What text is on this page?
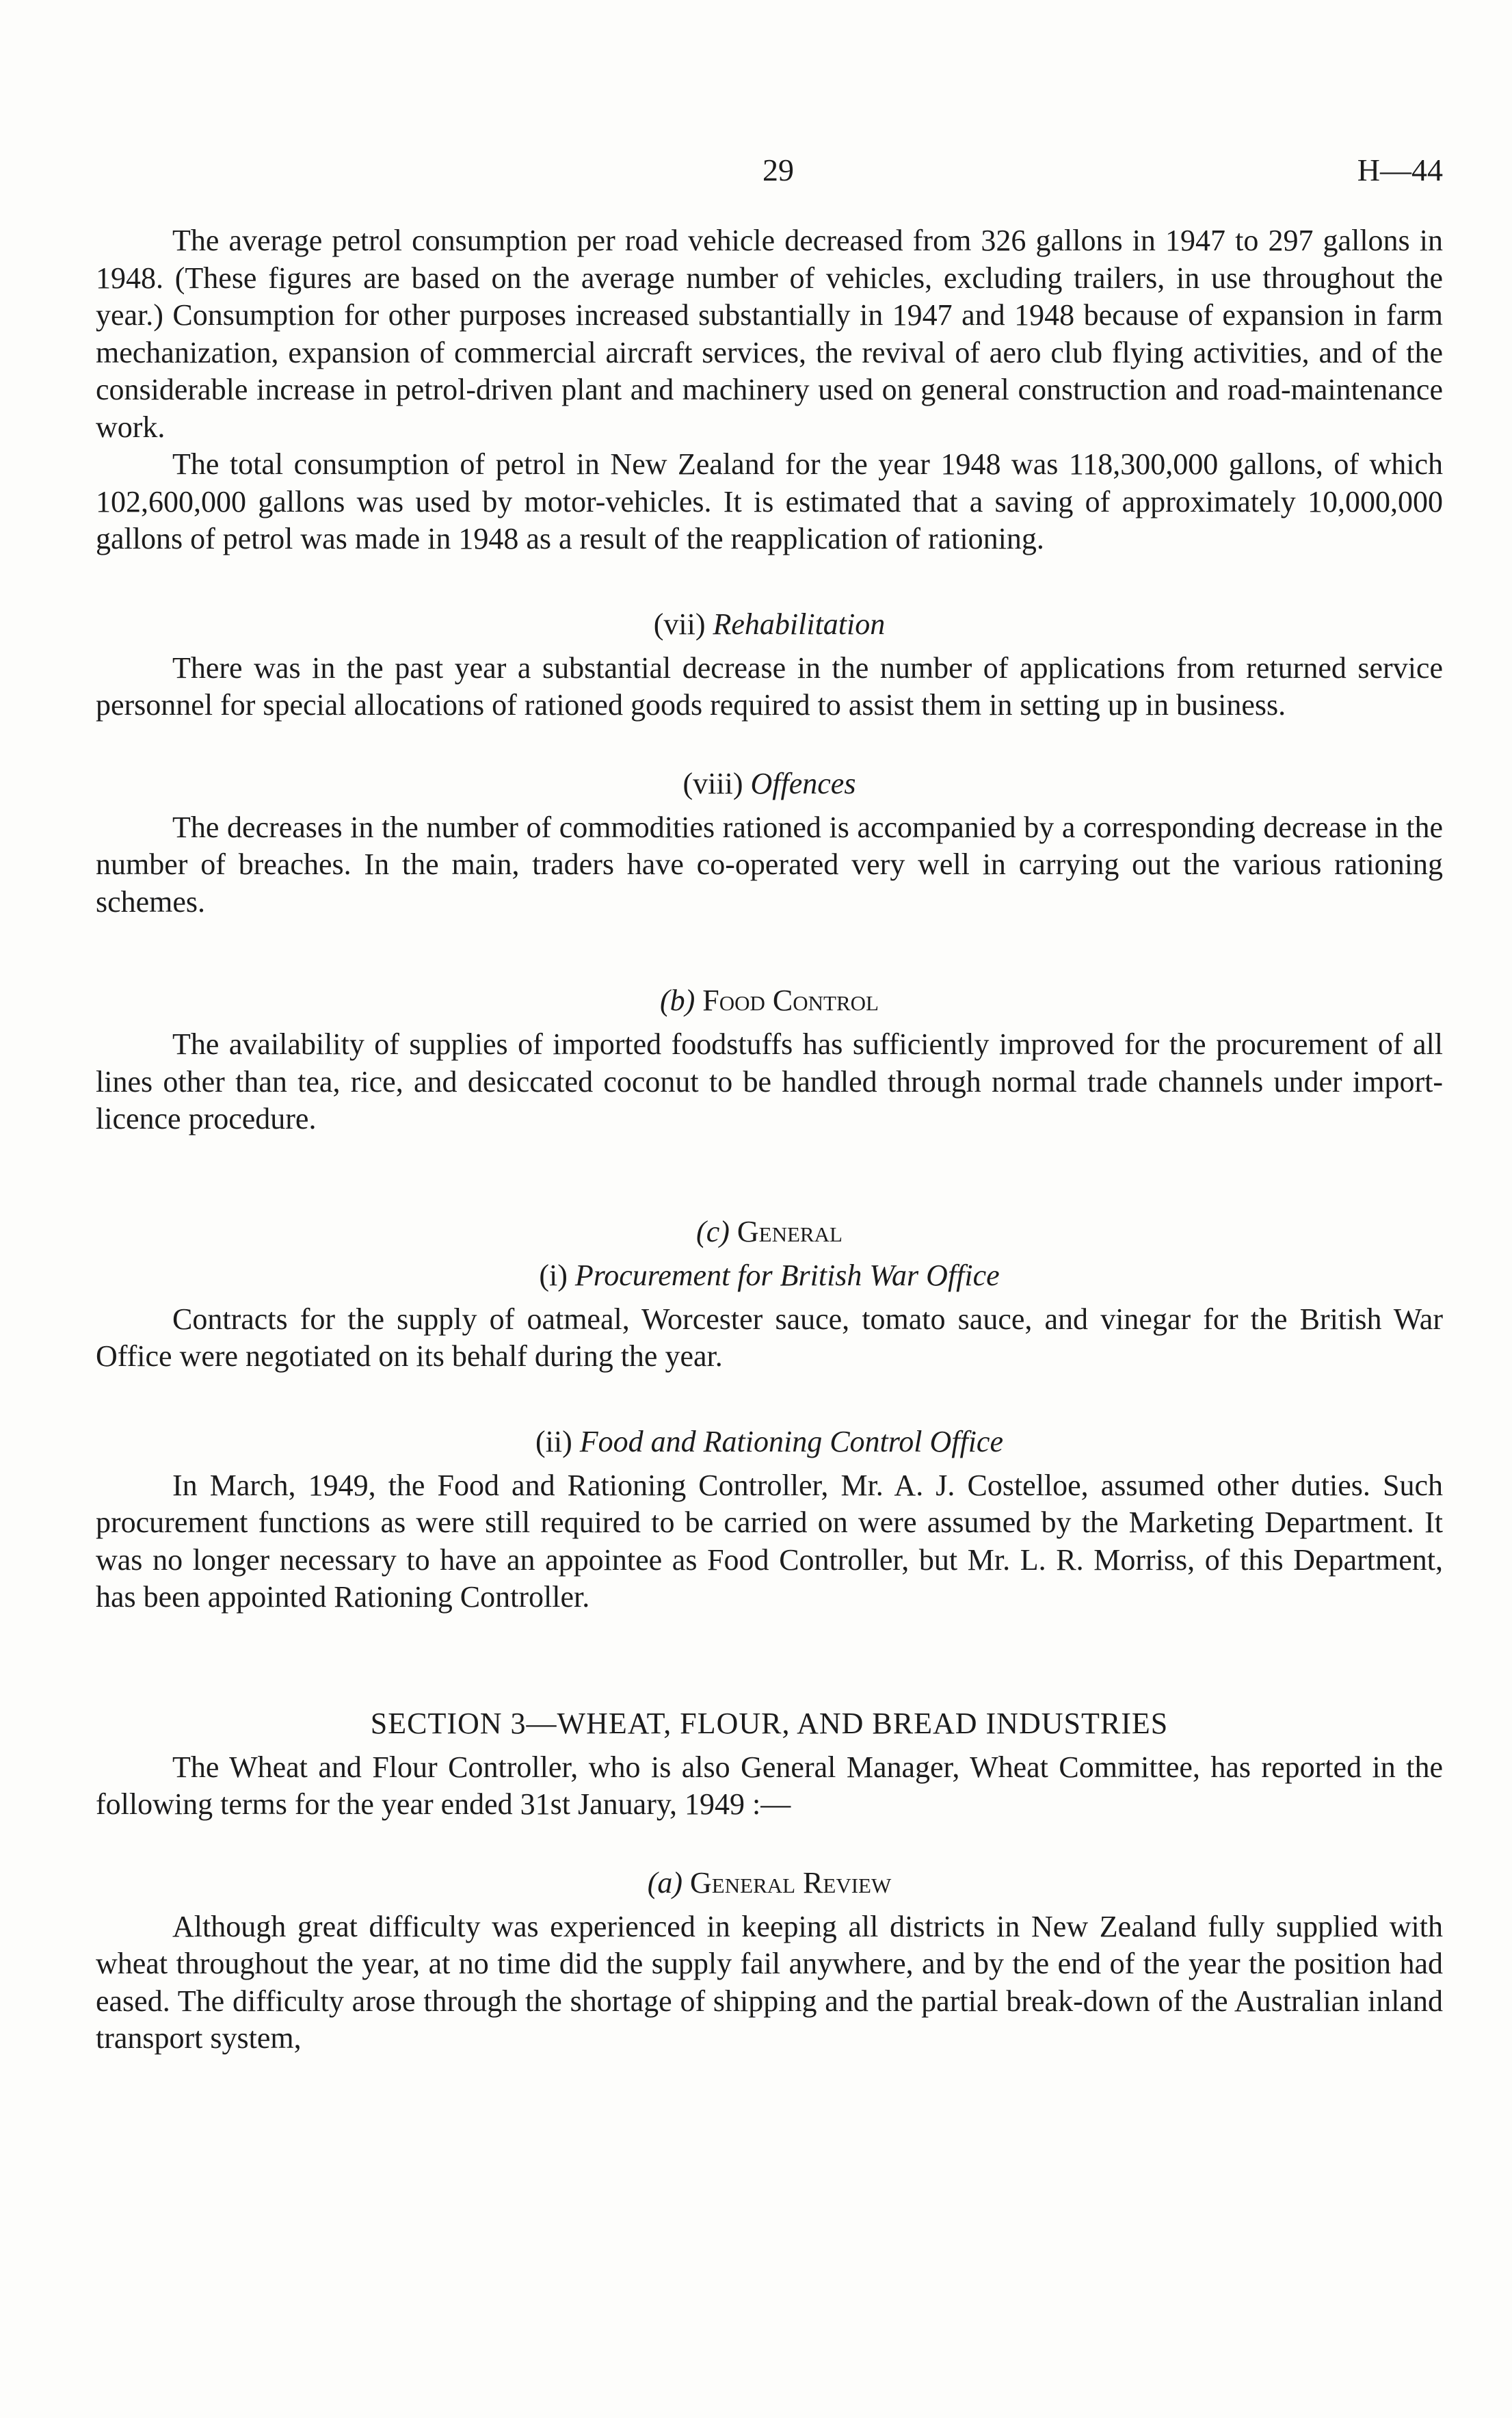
29	H—44

The average petrol consumption per road vehicle decreased from 326 gallons in 1947 to 297 gallons in 1948. (These figures are based on the average number of vehicles, excluding trailers, in use throughout the year.) Consumption for other purposes increased substantially in 1947 and 1948 because of expansion in farm mechanization, expansion of commercial aircraft services, the revival of aero club flying activities, and of the considerable increase in petrol-driven plant and machinery used on general construction and road-maintenance work.

The total consumption of petrol in New Zealand for the year 1948 was 118,300,000 gallons, of which 102,600,000 gallons was used by motor-vehicles. It is estimated that a saving of approximately 10,000,000 gallons of petrol was made in 1948 as a result of the reapplication of rationing.

(vii) Rehabilitation

There was in the past year a substantial decrease in the number of applications from returned service personnel for special allocations of rationed goods required to assist them in setting up in business.

(viii) Offences

The decreases in the number of commodities rationed is accompanied by a corresponding decrease in the number of breaches. In the main, traders have co-operated very well in carrying out the various rationing schemes.

(b) Food Control

The availability of supplies of imported foodstuffs has sufficiently improved for the procurement of all lines other than tea, rice, and desiccated coconut to be handled through normal trade channels under import-licence procedure.

(c) General
(i) Procurement for British War Office

Contracts for the supply of oatmeal, Worcester sauce, tomato sauce, and vinegar for the British War Office were negotiated on its behalf during the year.

(ii) Food and Rationing Control Office

In March, 1949, the Food and Rationing Controller, Mr. A. J. Costelloe, assumed other duties. Such procurement functions as were still required to be carried on were assumed by the Marketing Department. It was no longer necessary to have an appointee as Food Controller, but Mr. L. R. Morriss, of this Department, has been appointed Rationing Controller.

SECTION 3—WHEAT, FLOUR, AND BREAD INDUSTRIES

The Wheat and Flour Controller, who is also General Manager, Wheat Committee, has reported in the following terms for the year ended 31st January, 1949 :—

(a) General Review

Although great difficulty was experienced in keeping all districts in New Zealand fully supplied with wheat throughout the year, at no time did the supply fail anywhere, and by the end of the year the position had eased. The difficulty arose through the shortage of shipping and the partial break-down of the Australian inland transport system,
